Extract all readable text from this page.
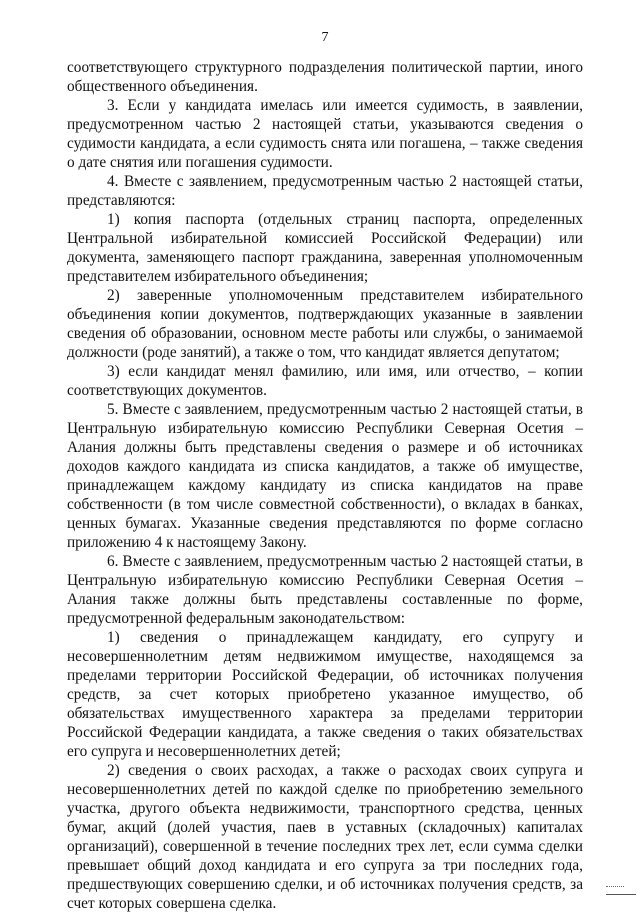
7

соответствующего структурного подразделения политической партии, иного общественного объединения.

3. Если у кандидата имелась или имеется судимость, в заявлении, предусмотренном частью 2 настоящей статьи, указываются сведения о судимости кандидата, а если судимость снята или погашена, – также сведения о дате снятия или погашения судимости.

4. Вместе с заявлением, предусмотренным частью 2 настоящей статьи, представляются:

1) копия паспорта (отдельных страниц паспорта, определенных Центральной избирательной комиссией Российской Федерации) или документа, заменяющего паспорт гражданина, заверенная уполномоченным представителем избирательного объединения;

2) заверенные уполномоченным представителем избирательного объединения копии документов, подтверждающих указанные в заявлении сведения об образовании, основном месте работы или службы, о занимаемой должности (роде занятий), а также о том, что кандидат является депутатом;

3) если кандидат менял фамилию, или имя, или отчество, – копии соответствующих документов.

5. Вместе с заявлением, предусмотренным частью 2 настоящей статьи, в Центральную избирательную комиссию Республики Северная Осетия – Алания должны быть представлены сведения о размере и об источниках доходов каждого кандидата из списка кандидатов, а также об имуществе, принадлежащем каждому кандидату из списка кандидатов на праве собственности (в том числе совместной собственности), о вкладах в банках, ценных бумагах. Указанные сведения представляются по форме согласно приложению 4 к настоящему Закону.

6. Вместе с заявлением, предусмотренным частью 2 настоящей статьи, в Центральную избирательную комиссию Республики Северная Осетия – Алания также должны быть представлены составленные по форме, предусмотренной федеральным законодательством:

1) сведения о принадлежащем кандидату, его супругу и несовершеннолетним детям недвижимом имуществе, находящемся за пределами территории Российской Федерации, об источниках получения средств, за счет которых приобретено указанное имущество, об обязательствах имущественного характера за пределами территории Российской Федерации кандидата, а также сведения о таких обязательствах его супруга и несовершеннолетних детей;

2) сведения о своих расходах, а также о расходах своих супруга и несовершеннолетних детей по каждой сделке по приобретению земельного участка, другого объекта недвижимости, транспортного средства, ценных бумаг, акций (долей участия, паев в уставных (складочных) капиталах организаций), совершенной в течение последних трех лет, если сумма сделки превышает общий доход кандидата и его супруга за три последних года, предшествующих совершению сделки, и об источниках получения средств, за счет которых совершена сделка.
